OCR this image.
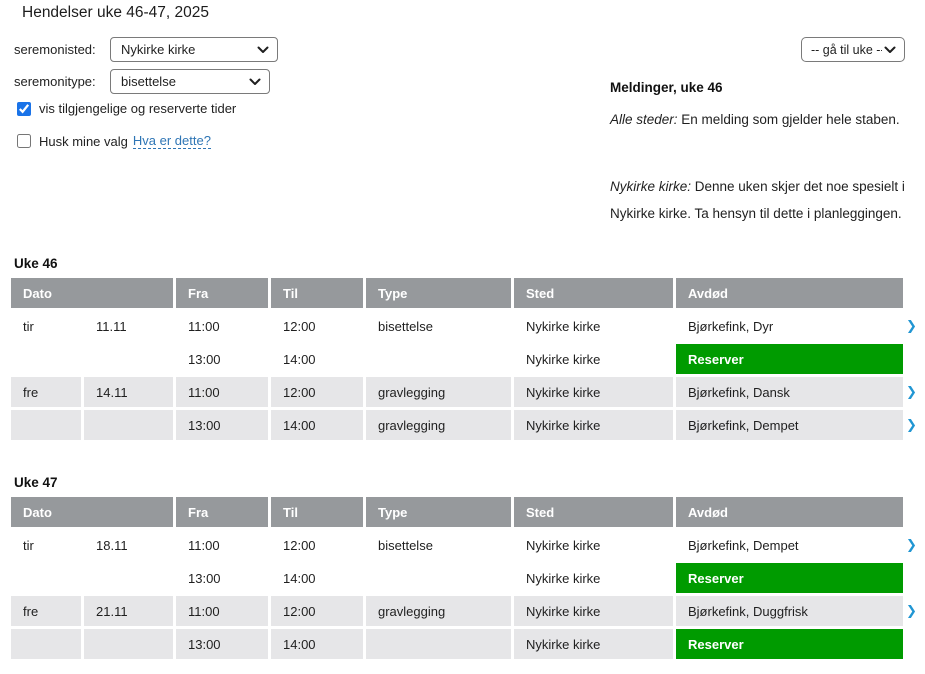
Hendelser uke 46-47, 2025
seremonisted:
Nykirke kirke
seremonitype:
bisettelse
-- gå til uke --
vis tilgjengelige og reserverte tider
Husk mine valg Hva er dette?
Meldinger, uke 46

Alle steder: En melding som gjelder hele staben.

Nykirke kirke: Denne uken skjer det noe spesielt i Nykirke kirke. Ta hensyn til dette i planleggingen.

Uke 46
Dato		Fra	Til	Type	Sted	Avdød	
tir	11.11	11:00	12:00	bisettelse	Nykirke kirke	Bjørkefink, Dyr	❯
		13:00	14:00		Nykirke kirke	Reserver	
fre	14.11	11:00	12:00	gravlegging	Nykirke kirke	Bjørkefink, Dansk	❯
		13:00	14:00	gravlegging	Nykirke kirke	Bjørkefink, Dempet	❯
Uke 47
Dato		Fra	Til	Type	Sted	Avdød	
tir	18.11	11:00	12:00	bisettelse	Nykirke kirke	Bjørkefink, Dempet	❯
		13:00	14:00		Nykirke kirke	Reserver	
fre	21.11	11:00	12:00	gravlegging	Nykirke kirke	Bjørkefink, Duggfrisk	❯
		13:00	14:00		Nykirke kirke	Reserver	
